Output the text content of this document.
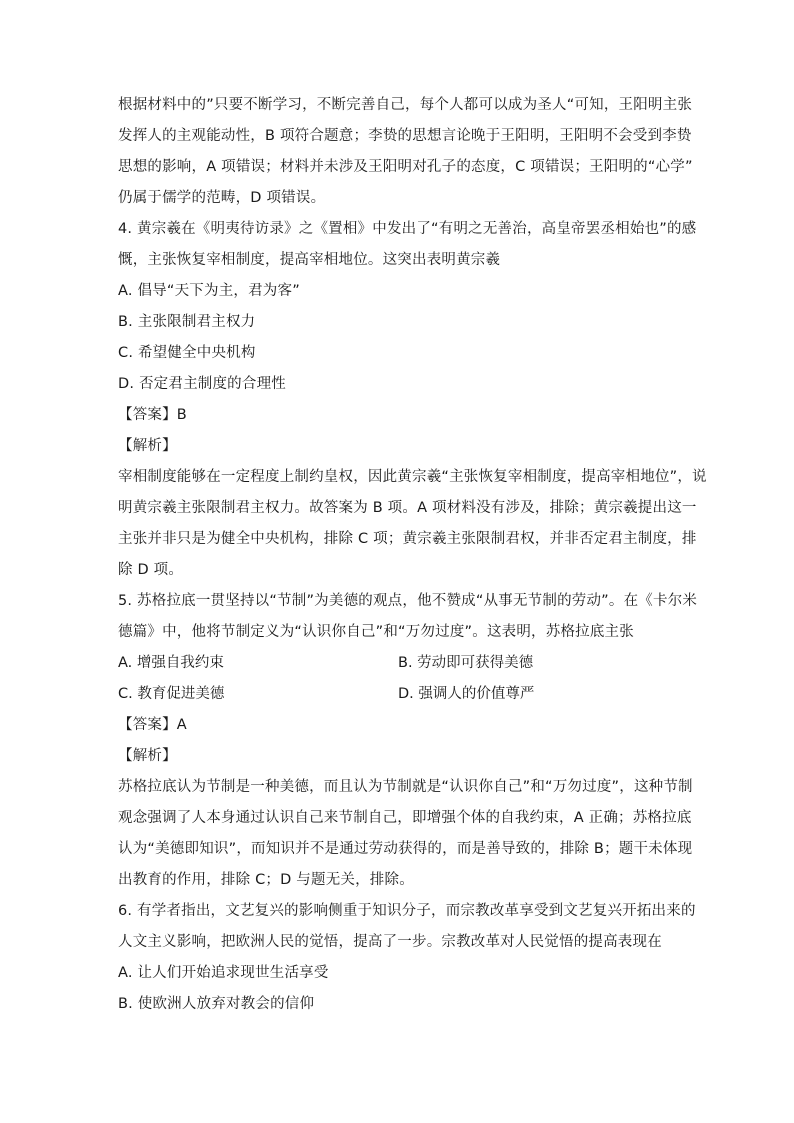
根据材料中的”只要不断学习，不断完善自己，每个人都可以成为圣人“可知，王阳明主张
发挥人的主观能动性，B 项符合题意；李贽的思想言论晚于王阳明，王阳明不会受到李贽
思想的影响，A 项错误；材料并未涉及王阳明对孔子的态度，C 项错误；王阳明的“心学”
仍属于儒学的范畴，D 项错误。
4. 黄宗羲在《明夷待访录》之《置相》中发出了“有明之无善治，高皇帝罢丞相始也”的感
慨，主张恢复宰相制度，提高宰相地位。这突出表明黄宗羲
A. 倡导“天下为主，君为客”
B. 主张限制君主权力
C. 希望健全中央机构
D. 否定君主制度的合理性
【答案】B
【解析】
宰相制度能够在一定程度上制约皇权，因此黄宗羲“主张恢复宰相制度，提高宰相地位”，说
明黄宗羲主张限制君主权力。故答案为 B 项。A 项材料没有涉及，排除；黄宗羲提出这一
主张并非只是为健全中央机构，排除 C 项；黄宗羲主张限制君权，并非否定君主制度，排
除 D 项。
5. 苏格拉底一贯坚持以“节制”为美德的观点，他不赞成“从事无节制的劳动”。在《卡尔米
德篇》中，他将节制定义为“认识你自己”和“万勿过度”。这表明，苏格拉底主张
A. 增强自我约束	B. 劳动即可获得美德
C. 教育促进美德	D. 强调人的价值尊严
【答案】A
【解析】
苏格拉底认为节制是一种美德，而且认为节制就是“认识你自己”和“万勿过度”，这种节制
观念强调了人本身通过认识自己来节制自己，即增强个体的自我约束，A 正确；苏格拉底
认为“美德即知识”，而知识并不是通过劳动获得的，而是善导致的，排除 B；题干未体现
出教育的作用，排除 C；D 与题无关，排除。
6. 有学者指出，文艺复兴的影响侧重于知识分子，而宗教改革享受到文艺复兴开拓出来的
人文主义影响，把欧洲人民的觉悟，提高了一步。宗教改革对人民觉悟的提高表现在
A. 让人们开始追求现世生活享受
B. 使欧洲人放弃对教会的信仰
